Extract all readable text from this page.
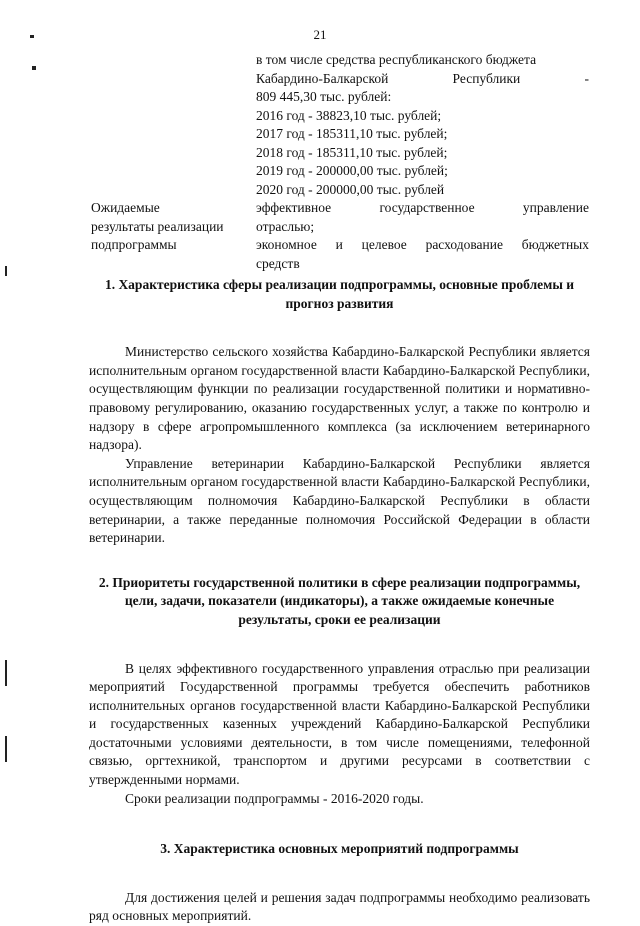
21
в том числе средства республиканского бюджета
Кабардино-Балкарской Республики -
809 445,30 тыс. рублей:
2016 год - 38823,10 тыс. рублей;
2017 год - 185311,10 тыс. рублей;
2018 год - 185311,10 тыс. рублей;
2019 год - 200000,00 тыс. рублей;
2020 год - 200000,00 тыс. рублей
Ожидаемые
результаты реализации
подпрограммы
эффективное государственное управление
отраслью;
экономное и целевое расходование бюджетных
средств

1. Характеристика сферы реализации подпрограммы, основные проблемы и прогноз развития

Министерство сельского хозяйства Кабардино-Балкарской Республики является исполнительным органом государственной власти Кабардино-Балкарской Республики, осуществляющим функции по реализации государственной политики и нормативно-правовому регулированию, оказанию государственных услуг, а также по контролю и надзору в сфере агропромышленного комплекса (за исключением ветеринарного надзора).

Управление ветеринарии Кабардино-Балкарской Республики является исполнительным органом государственной власти Кабардино-Балкарской Республики, осуществляющим полномочия Кабардино-Балкарской Республики в области ветеринарии, а также переданные полномочия Российской Федерации в области ветеринарии.

2. Приоритеты государственной политики в сфере реализации подпрограммы, цели, задачи, показатели (индикаторы), а также ожидаемые конечные результаты, сроки ее реализации

В целях эффективного государственного управления отраслью при реализации мероприятий Государственной программы требуется обеспечить работников исполнительных органов государственной власти Кабардино-Балкарской Республики и государственных казенных учреждений Кабардино-Балкарской Республики достаточными условиями деятельности, в том числе помещениями, телефонной связью, оргтехникой, транспортом и другими ресурсами в соответствии с утвержденными нормами.

Сроки реализации подпрограммы - 2016-2020 годы.

3. Характеристика основных мероприятий подпрограммы

Для достижения целей и решения задач подпрограммы необходимо реализовать ряд основных мероприятий.
